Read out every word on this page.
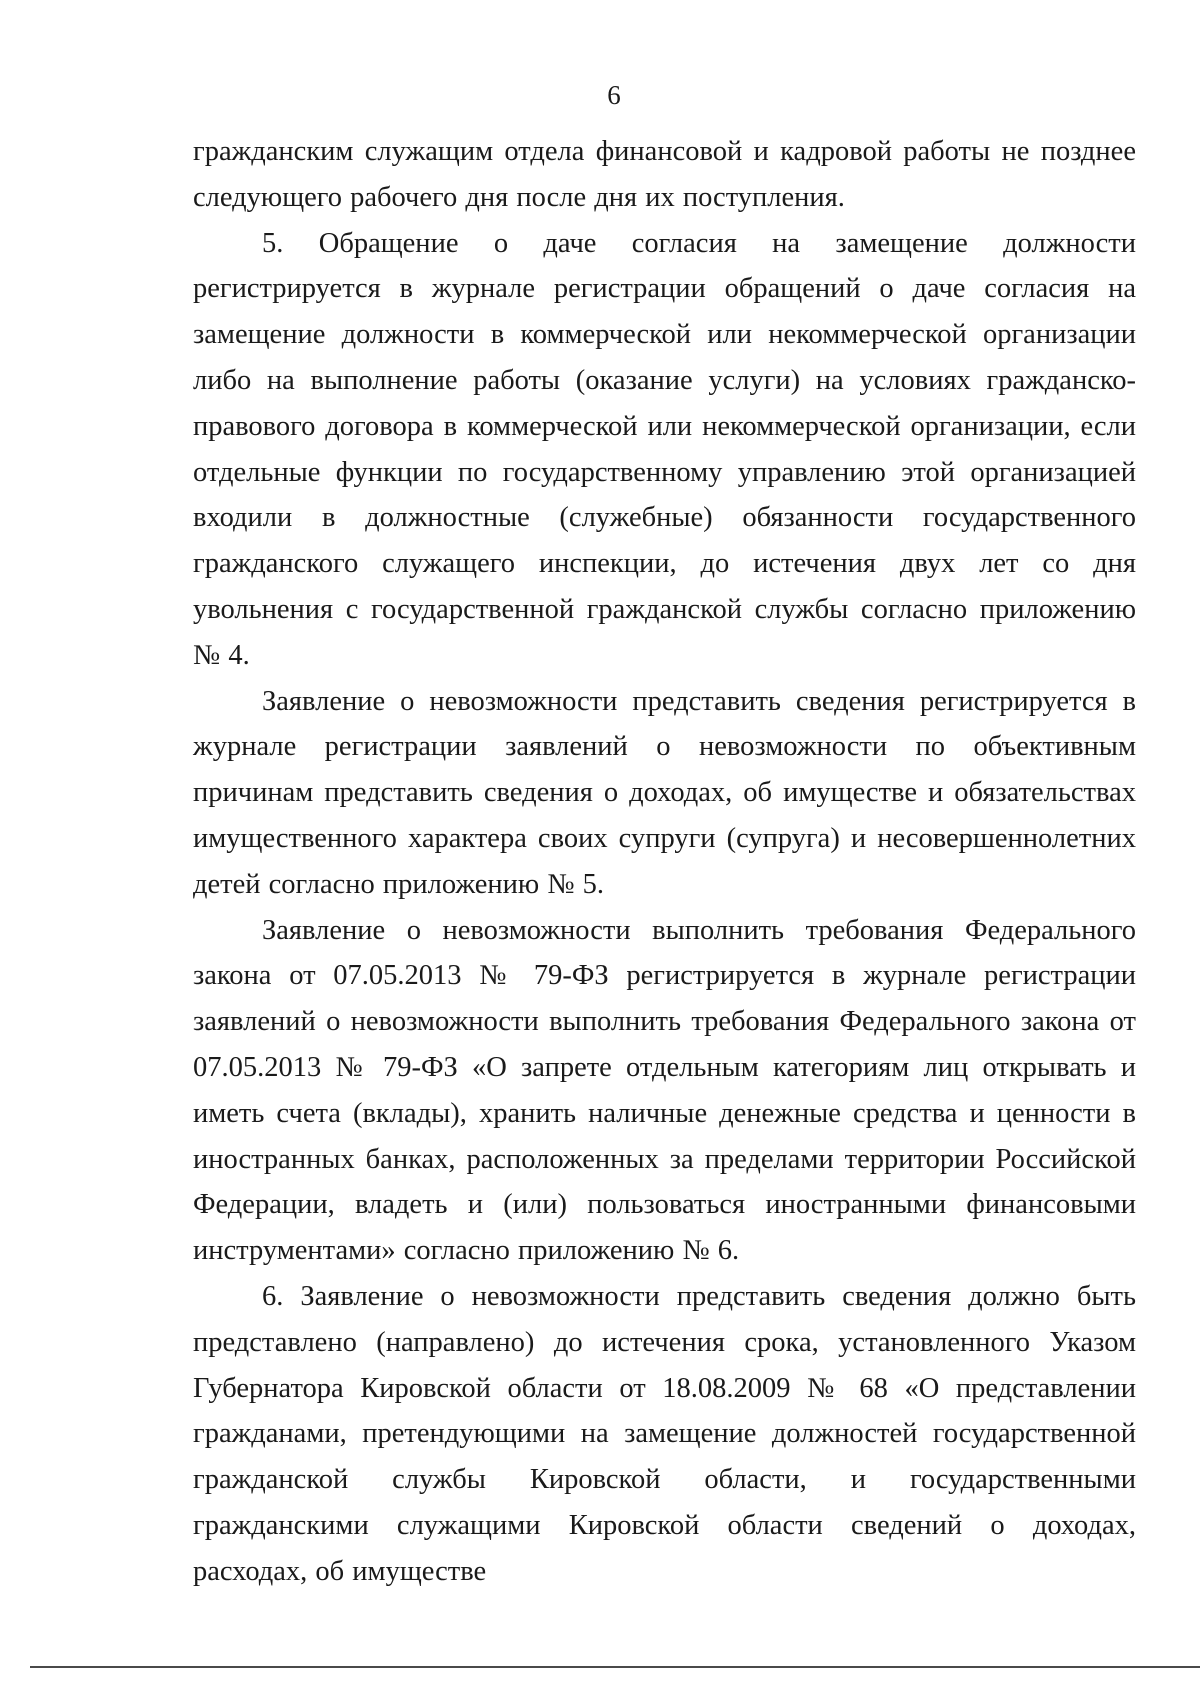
6

гражданским служащим отдела финансовой и кадровой работы не позднее следующего рабочего дня после дня их поступления.

5. Обращение о даче согласия на замещение должности регистрируется в журнале регистрации обращений о даче согласия на замещение должности в коммерческой или некоммерческой организации либо на выполнение работы (оказание услуги) на условиях гражданско-правового договора в коммерческой или некоммерческой организации, если отдельные функции по государственному управлению этой организацией входили в должностные (служебные) обязанности государственного гражданского служащего инспекции, до истечения двух лет со дня увольнения с государственной гражданской службы согласно приложению № 4.

Заявление о невозможности представить сведения регистрируется в журнале регистрации заявлений о невозможности по объективным причинам представить сведения о доходах, об имуществе и обязательствах имущественного характера своих супруги (супруга) и несовершеннолетних детей согласно приложению № 5.

Заявление о невозможности выполнить требования Федерального закона от 07.05.2013 № 79-ФЗ регистрируется в журнале регистрации заявлений о невозможности выполнить требования Федерального закона от 07.05.2013 № 79-ФЗ «О запрете отдельным категориям лиц открывать и иметь счета (вклады), хранить наличные денежные средства и ценности в иностранных банках, расположенных за пределами территории Российской Федерации, владеть и (или) пользоваться иностранными финансовыми инструментами» согласно приложению № 6.

6. Заявление о невозможности представить сведения должно быть представлено (направлено) до истечения срока, установленного Указом Губернатора Кировской области от 18.08.2009 № 68 «О представлении гражданами, претендующими на замещение должностей государственной гражданской службы Кировской области, и государственными гражданскими служащими Кировской области сведений о доходах, расходах, об имуществе
